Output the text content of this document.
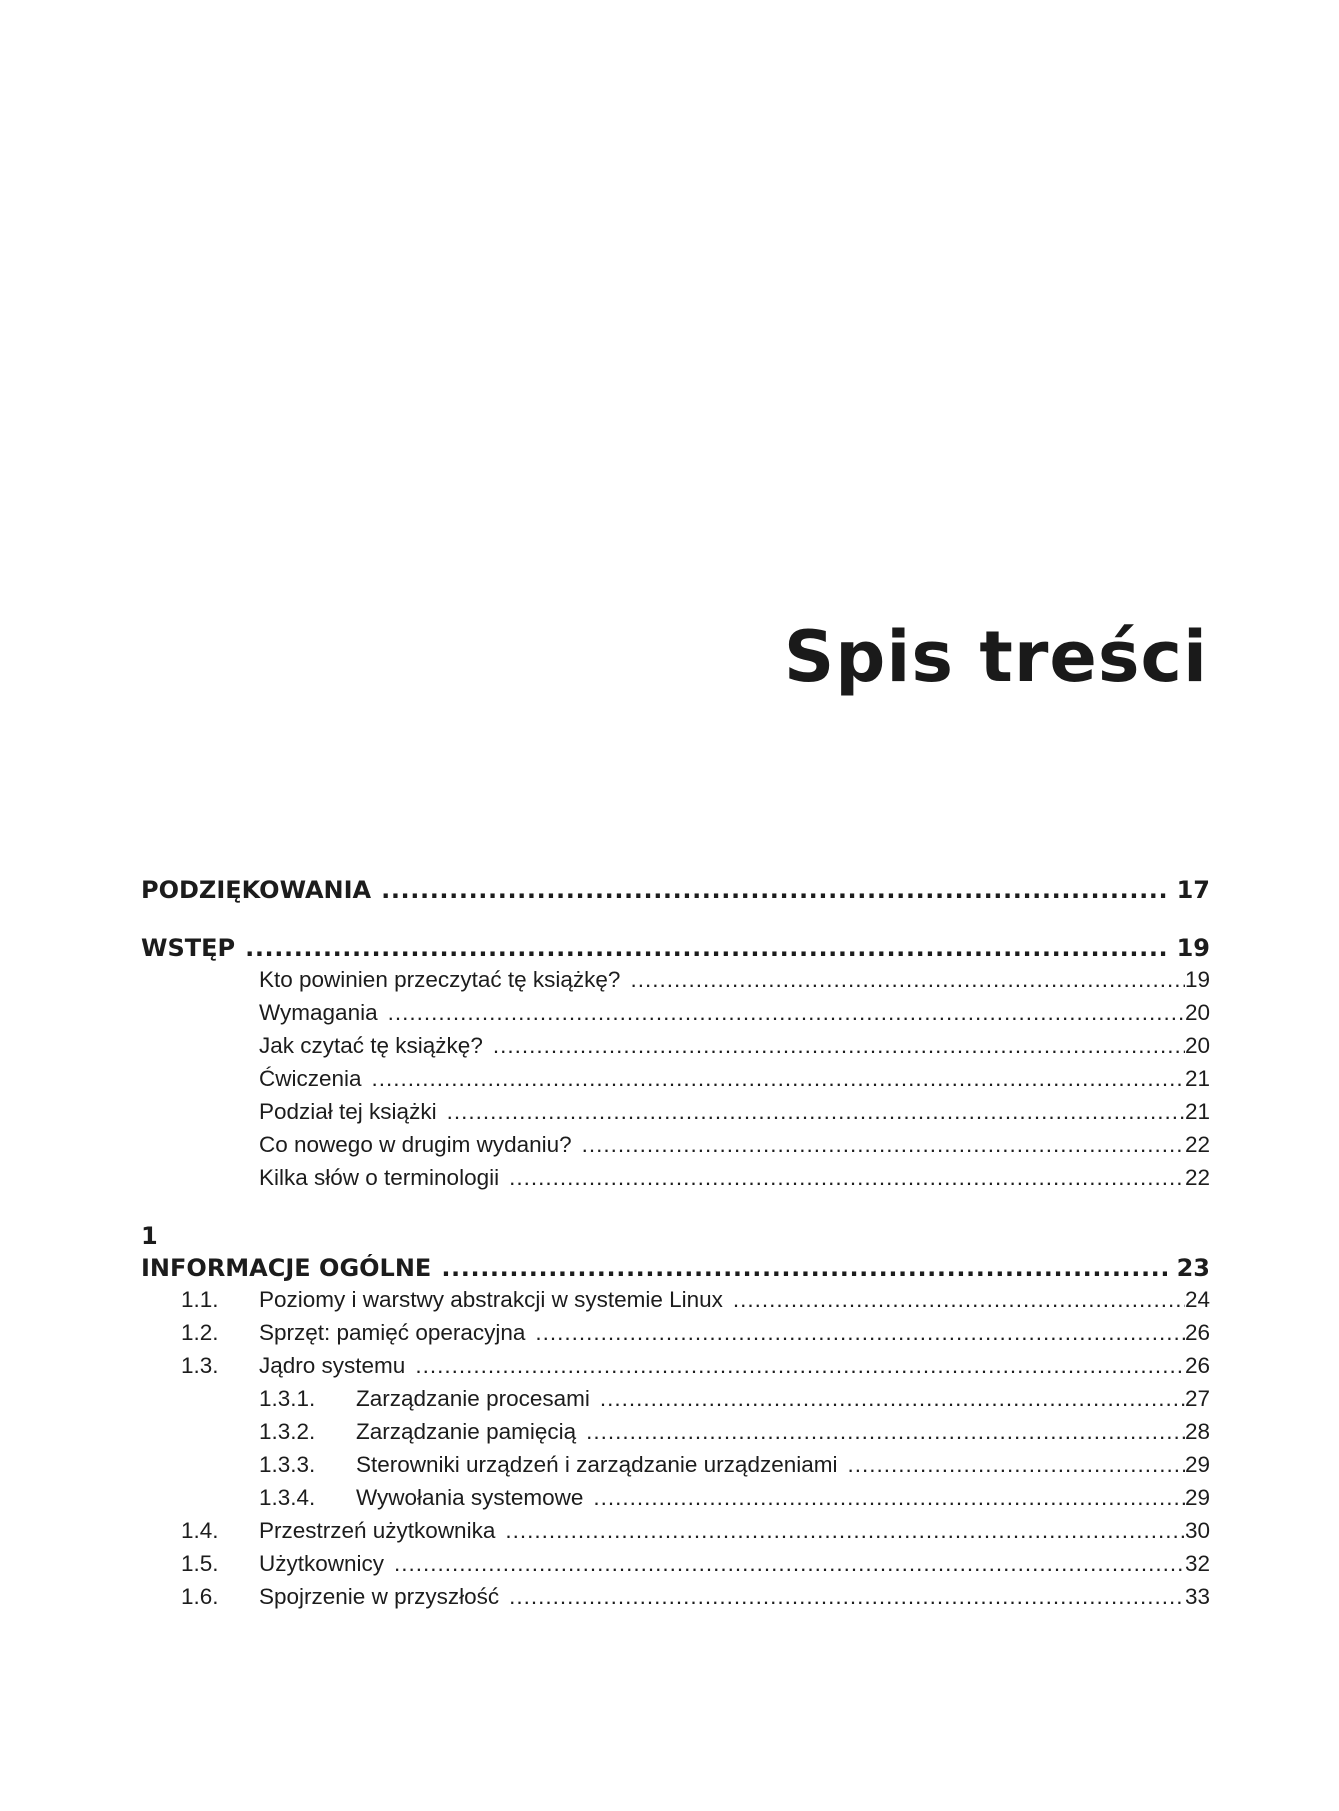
Spis treści
PODZIĘKOWANIA .....	17
WSTĘP .....	19
Kto powinien przeczytać tę książkę? .....	19
Wymagania .....	20
Jak czytać tę książkę? .....	20
Ćwiczenia .....	21
Podział tej książki .....	21
Co nowego w drugim wydaniu? .....	22
Kilka słów o terminologii .....	22
1
INFORMACJE OGÓLNE .....	23
1.1.	Poziomy i warstwy abstrakcji w systemie Linux .....	24
1.2.	Sprzęt: pamięć operacyjna .....	26
1.3.	Jądro systemu .....	26
1.3.1.	Zarządzanie procesami .....	27
1.3.2.	Zarządzanie pamięcią .....	28
1.3.3.	Sterowniki urządzeń i zarządzanie urządzeniami .....	29
1.3.4.	Wywołania systemowe .....	29
1.4.	Przestrzeń użytkownika .....	30
1.5.	Użytkownicy .....	32
1.6.	Spojrzenie w przyszłość .....	33
